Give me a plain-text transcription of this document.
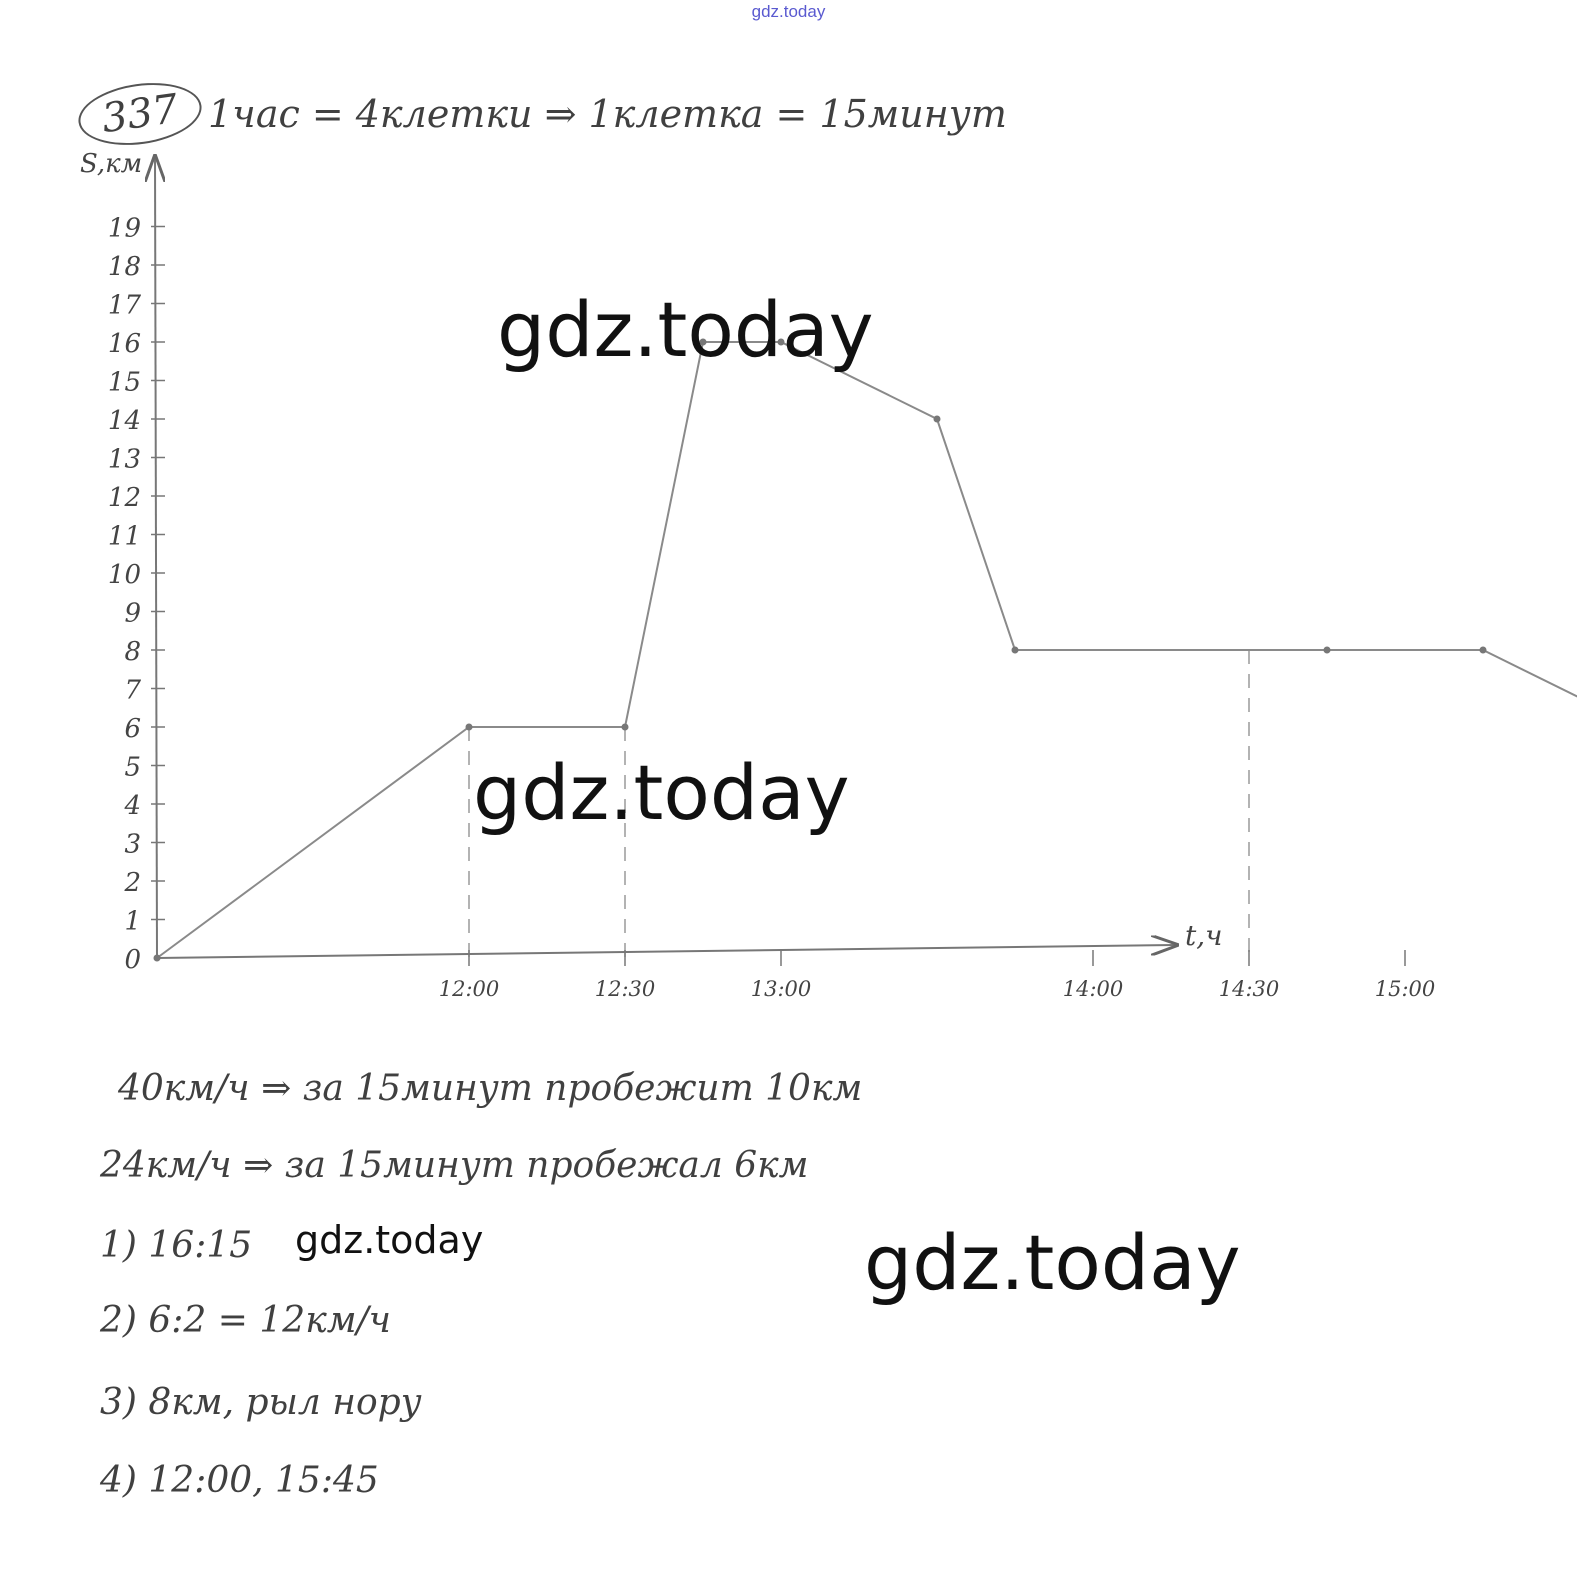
gdz.today
337 1час = 4клетки ⇒ 1клетка = 15минут
0
1
2
3
4
5
6
7
8
9
10
11
12
13
14
15
16
17
18
19
12:00	12:30	13:00	14:00	14:30	15:00
S,км
t,ч
gdz.today
gdz.today
gdz.today	gdz.today
40км/ч ⇒ за 15минут пробежит 10км
24км/ч ⇒ за 15минут пробежал 6км
1) 16:15
2) 6:2 = 12км/ч
3) 8км, рыл нору
4) 12:00, 15:45
